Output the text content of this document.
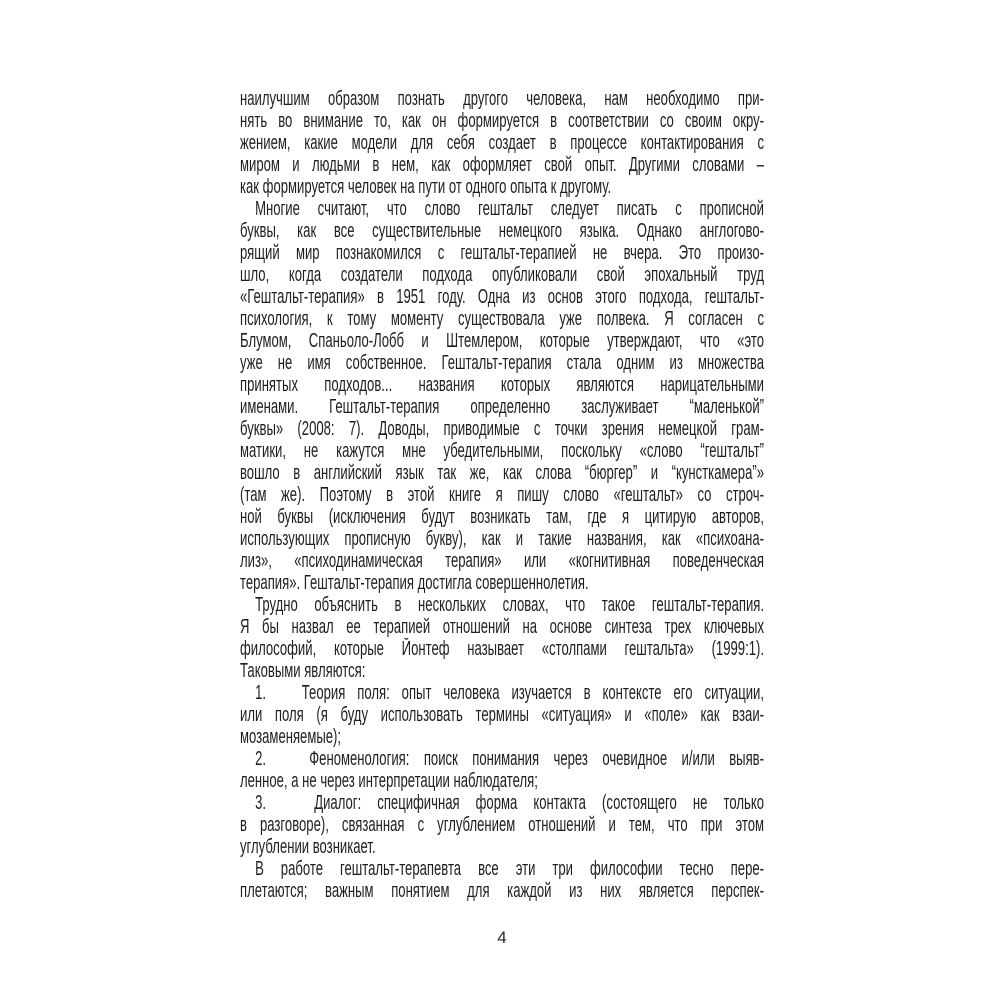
наилучшим образом познать другого человека, нам необходимо при-
нять во внимание то, как он формируется в соответствии со своим окру-
жением, какие модели для себя создает в процессе контактирования с
миром и людьми в нем, как оформляет свой опыт. Другими словами –
как формируется человек на пути от одного опыта к другому.
Многие считают, что слово гештальт следует писать с прописной
буквы, как все существительные немецкого языка. Однако англогово-
рящий мир познакомился с гештальт-терапией не вчера. Это произо-
шло, когда создатели подхода опубликовали свой эпохальный труд
«Гештальт-терапия» в 1951 году. Одна из основ этого подхода, гештальт-
психология, к тому моменту существовала уже полвека. Я согласен с
Блумом, Спаньоло-Лобб и Штемлером, которые утверждают, что «это
уже не имя собственное. Гештальт-терапия стала одним из множества
принятых подходов... названия которых являются нарицательными
именами. Гештальт-терапия определенно заслуживает “маленькой”
буквы» (2008: 7). Доводы, приводимые с точки зрения немецкой грам-
матики, не кажутся мне убедительными, поскольку «слово “гештальт”
вошло в английский язык так же, как слова “бюргер” и “кунсткамера”»
(там же). Поэтому в этой книге я пишу слово «гештальт» со строч-
ной буквы (исключения будут возникать там, где я цитирую авторов,
использующих прописную букву), как и такие названия, как «психоана-
лиз», «психодинамическая терапия» или «когнитивная поведенческая
терапия». Гештальт-терапия достигла совершеннолетия.
Трудно объяснить в нескольких словах, что такое гештальт-терапия.
Я бы назвал ее терапией отношений на основе синтеза трех ключевых
философий, которые Йонтеф называет «столпами гештальта» (1999:1).
Таковыми являются:
1.   Теория поля: опыт человека изучается в контексте его ситуации,
или поля (я буду использовать термины «ситуация» и «поле» как взаи-
мозаменяемые);
2.   Феноменология: поиск понимания через очевидное и/или выяв-
ленное, а не через интерпретации наблюдателя;
3.   Диалог: специфичная форма контакта (состоящего не только
в разговоре), связанная с углублением отношений и тем, что при этом
углублении возникает.
В работе гештальт-терапевта все эти три философии тесно пере-
плетаются; важным понятием для каждой из них является перспек-
4
